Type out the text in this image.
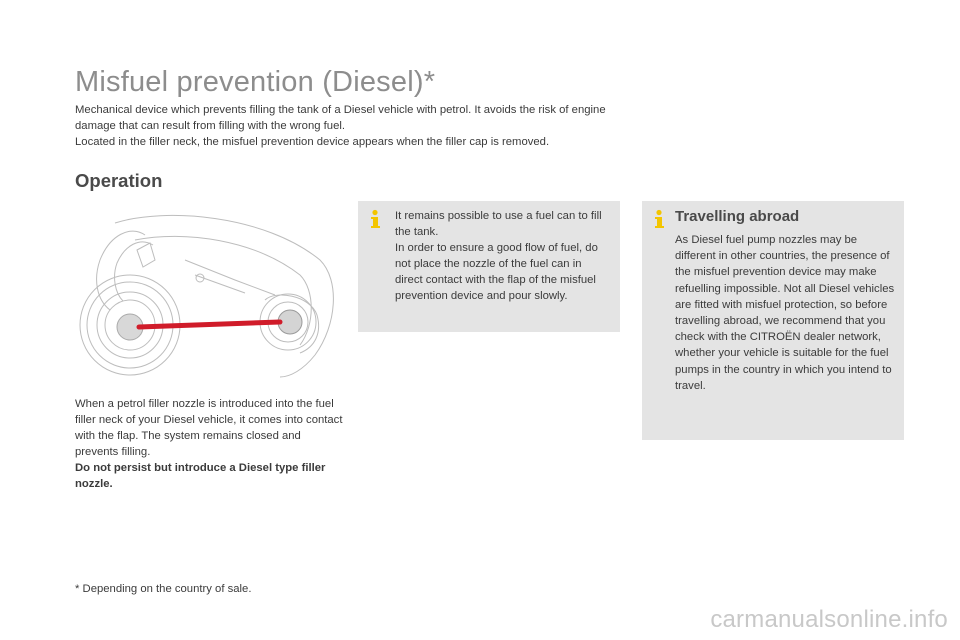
Misfuel prevention (Diesel)*

Mechanical device which prevents filling the tank of a Diesel vehicle with petrol. It avoids the risk of engine damage that can result from filling with the wrong fuel.

Located in the filler neck, the misfuel prevention device appears when the filler cap is removed.

Operation
When a petrol filler nozzle is introduced into the fuel filler neck of your Diesel vehicle, it comes into contact with the flap. The system remains closed and prevents filling.
Do not persist but introduce a Diesel type filler nozzle.
It remains possible to use a fuel can to fill the tank.
In order to ensure a good flow of fuel, do not place the nozzle of the fuel can in direct contact with the flap of the misfuel prevention device and pour slowly.
Travelling abroad
As Diesel fuel pump nozzles may be different in other countries, the presence of the misfuel prevention device may make refuelling impossible. Not all Diesel vehicles are fitted with misfuel protection, so before travelling abroad, we recommend that you check with the CITROËN dealer network, whether your vehicle is suitable for the fuel pumps in the country in which you intend to travel.
* Depending on the country of sale.
carmanualsonline.info
